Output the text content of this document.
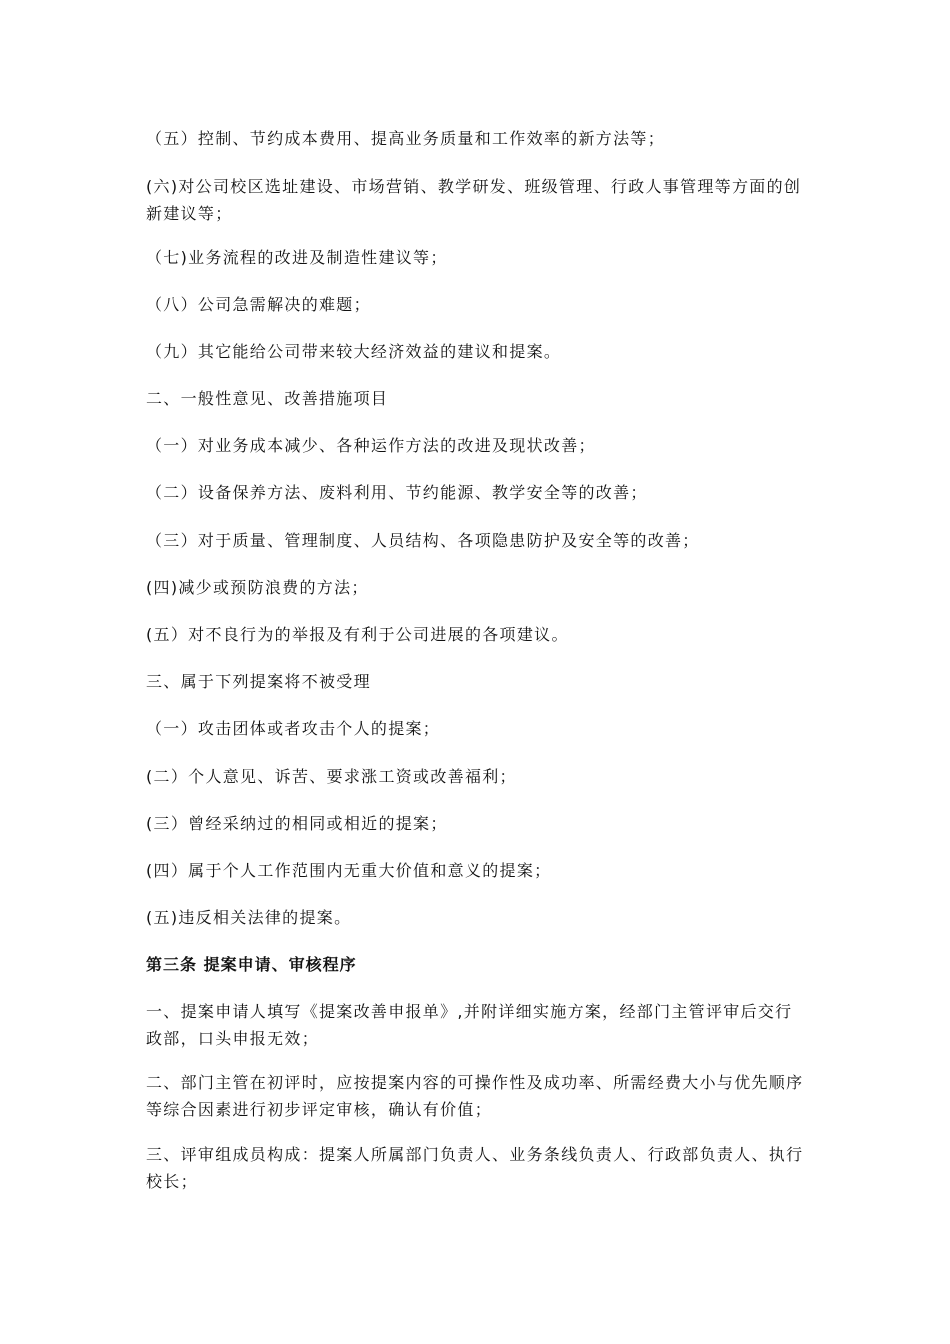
（五）控制、节约成本费用、提高业务质量和工作效率的新方法等；

(六)对公司校区选址建设、市场营销、教学研发、班级管理、行政人事管理等方面的创新建议等；

（七)业务流程的改进及制造性建议等；

（八）公司急需解决的难题；

（九）其它能给公司带来较大经济效益的建议和提案。

二、一般性意见、改善措施项目

（一）对业务成本减少、各种运作方法的改进及现状改善；

（二）设备保养方法、废料利用、节约能源、教学安全等的改善；

（三）对于质量、管理制度、人员结构、各项隐患防护及安全等的改善；

(四)减少或预防浪费的方法；

(五）对不良行为的举报及有利于公司进展的各项建议。

三、属于下列提案将不被受理

（一）攻击团体或者攻击个人的提案；

(二）个人意见、诉苦、要求涨工资或改善福利；

(三）曾经采纳过的相同或相近的提案；

(四）属于个人工作范围内无重大价值和意义的提案；

(五)违反相关法律的提案。

第三条 提案申请、审核程序

一、提案申请人填写《提案改善申报单》,并附详细实施方案，经部门主管评审后交行政部，口头申报无效；

二、部门主管在初评时，应按提案内容的可操作性及成功率、所需经费大小与优先顺序等综合因素进行初步评定审核，确认有价值；

三、评审组成员构成：提案人所属部门负责人、业务条线负责人、行政部负责人、执行校长；
